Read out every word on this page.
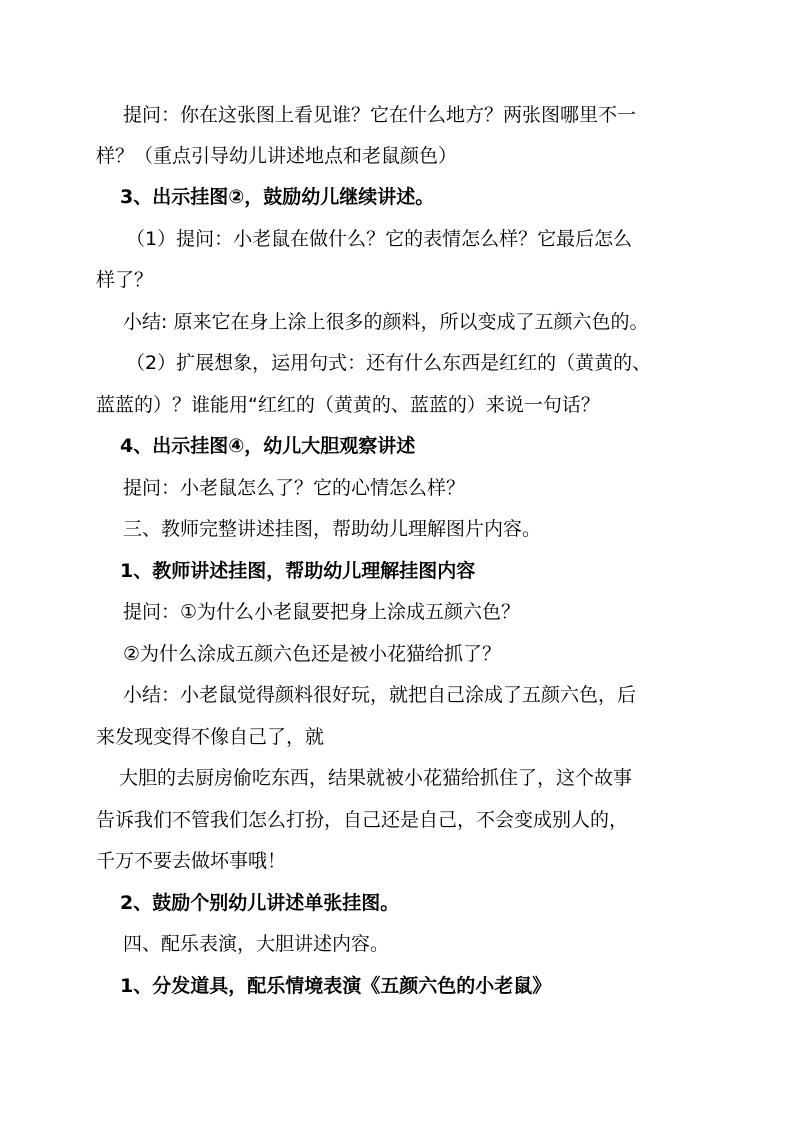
提问：你在这张图上看见谁？它在什么地方？两张图哪里不一
样？（重点引导幼儿讲述地点和老鼠颜色）
3、出示挂图②，鼓励幼儿继续讲述。
（1）提问：小老鼠在做什么？它的表情怎么样？它最后怎么
样了？
小结: 原来它在身上涂上很多的颜料，所以变成了五颜六色的。
（2）扩展想象，运用句式：还有什么东西是红红的（黄黄的、
蓝蓝的）？谁能用“红红的（黄黄的、蓝蓝的）来说一句话？
4、出示挂图④，幼儿大胆观察讲述
提问：小老鼠怎么了？它的心情怎么样？
三、教师完整讲述挂图，帮助幼儿理解图片内容。
1、教师讲述挂图，帮助幼儿理解挂图内容
提问：①为什么小老鼠要把身上涂成五颜六色？
②为什么涂成五颜六色还是被小花猫给抓了？
小结：小老鼠觉得颜料很好玩，就把自己涂成了五颜六色，后
来发现变得不像自己了，就
大胆的去厨房偷吃东西，结果就被小花猫给抓住了，这个故事
告诉我们不管我们怎么打扮，自己还是自己，不会变成别人的，
千万不要去做坏事哦！
2、鼓励个别幼儿讲述单张挂图。
四、配乐表演，大胆讲述内容。
1、分发道具，配乐情境表演《五颜六色的小老鼠》
